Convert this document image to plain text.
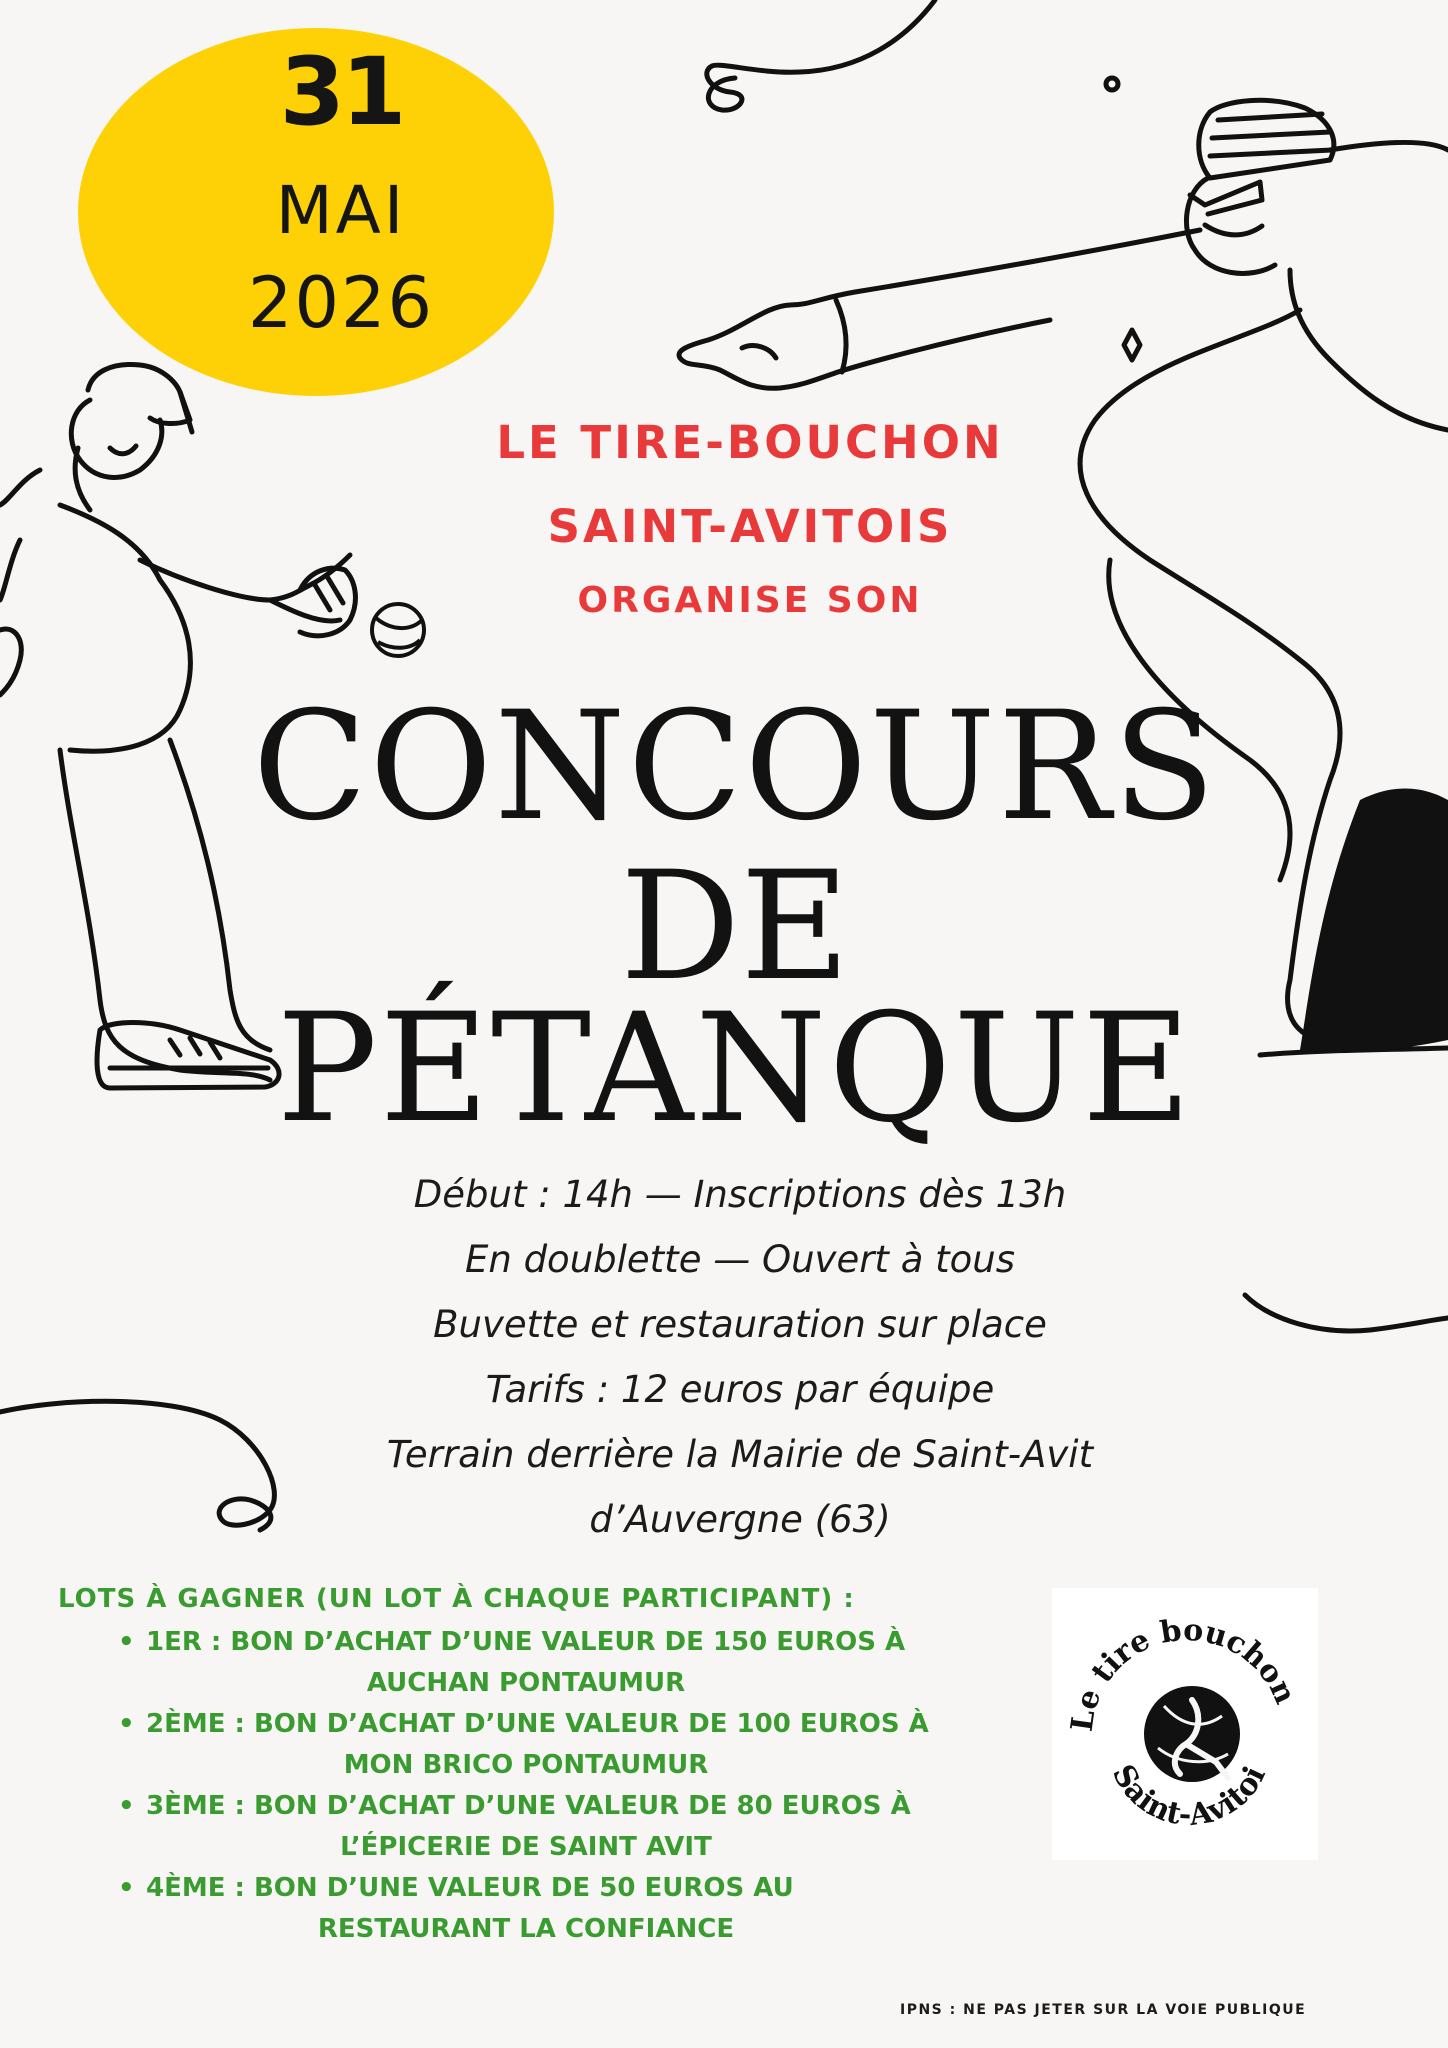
31
MAI
2026
LE TIRE-BOUCHON
SAINT-AVITOIS
ORGANISE SON
CONCOURS
DE
PÉTANQUE
Début : 14h — Inscriptions dès 13h
En doublette — Ouvert à tous
Buvette et restauration sur place
Tarifs : 12 euros par équipe
Terrain derrière la Mairie de Saint-Avit
d’Auvergne (63)
LOTS À GAGNER (UN LOT À CHAQUE PARTICIPANT) :
• 1ER : BON D’ACHAT D’UNE VALEUR DE 150 EUROS À
AUCHAN PONTAUMUR
• 2ÈME : BON D’ACHAT D’UNE VALEUR DE 100 EUROS À
MON BRICO PONTAUMUR
• 3ÈME : BON D’ACHAT D’UNE VALEUR DE 80 EUROS À
L’ÉPICERIE DE SAINT AVIT
• 4ÈME : BON D’UNE VALEUR DE 50 EUROS AU
RESTAURANT LA CONFIANCE
Le tire bouchon
Saint-Avitoi
IPNS : NE PAS JETER SUR LA VOIE PUBLIQUE
